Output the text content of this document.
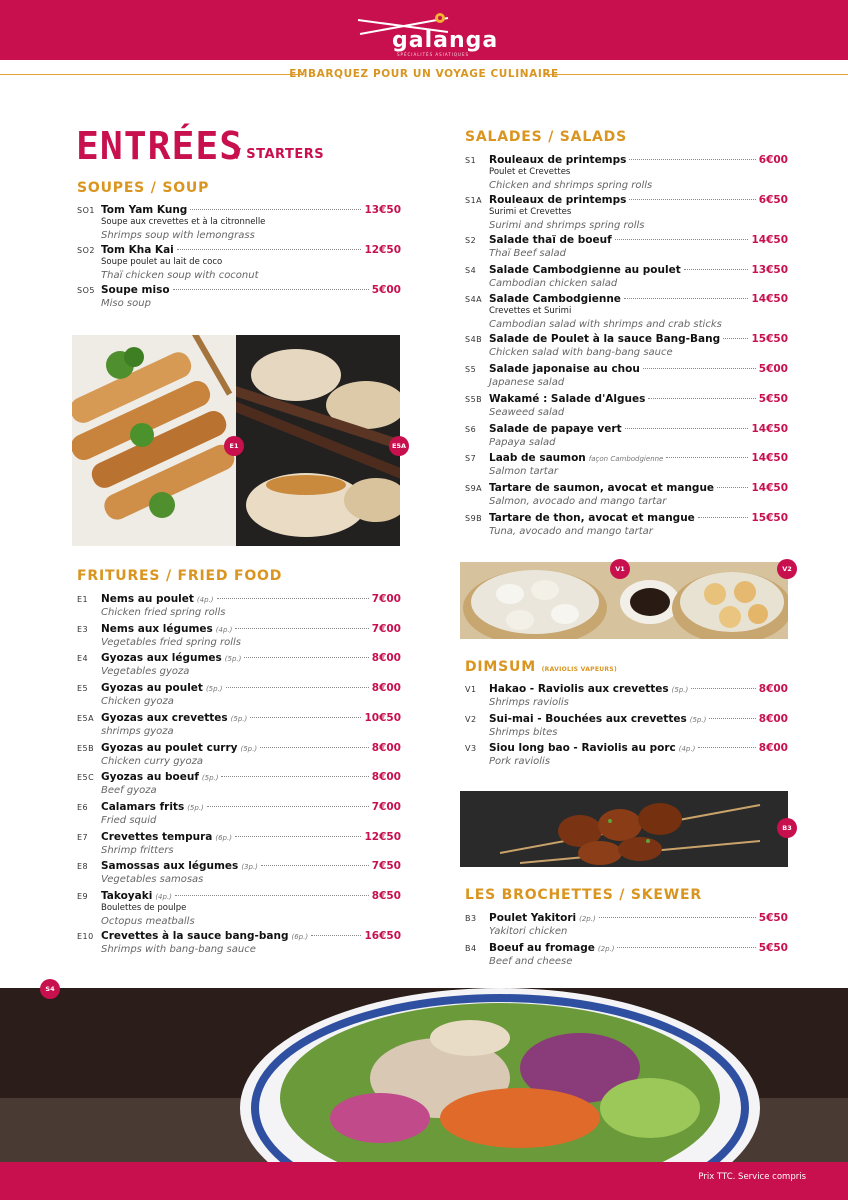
galanga
SPÉCIALITÉS ASIATIQUES
EMBARQUEZ POUR UN VOYAGE CULINAIRE
ENTRÉES
/ STARTERS
SOUPES / SOUP
FRITURES / FRIED FOOD
SALADES / SALADS
DIMSUM (RAVIOLIS VAPEURS)
LES BROCHETTES / SKEWER
SO1 Tom Yam Kung	13€50
Soupe aux crevettes et à la citronnelle
Shrimps soup with lemongrass
SO2 Tom Kha Kai	12€50
Soupe poulet au lait de coco
Thaï chicken soup with coconut
SO5 Soupe miso	5€00
Miso soup
E1 Nems au poulet (4p.)	7€00
Chicken fried spring rolls
E3 Nems aux légumes (4p.)	7€00
Vegetables fried spring rolls
E4 Gyozas aux légumes (5p.)	8€00
Vegetables gyoza
E5 Gyozas au poulet (5p.)	8€00
Chicken gyoza
E5A Gyozas aux crevettes (5p.)	10€50
shrimps gyoza
E5B Gyozas au poulet curry (5p.)	8€00
Chicken curry gyoza
E5C Gyozas au boeuf (5p.)	8€00
Beef gyoza
E6 Calamars frits (5p.)	7€00
Fried squid
E7 Crevettes tempura (6p.)	12€50
Shrimp fritters
E8 Samossas aux légumes (3p.)	7€50
Vegetables samosas
E9 Takoyaki (4p.)	8€50
Boulettes de poulpe
Octopus meatballs
E10 Crevettes à la sauce bang-bang (6p.)	16€50
Shrimps with bang-bang sauce
S1 Rouleaux de printemps	6€00
Poulet et Crevettes
Chicken and shrimps spring rolls
S1A Rouleaux de printemps	6€50
Surimi et Crevettes
Surimi and shrimps spring rolls
S2 Salade thaï de boeuf	14€50
Thaï Beef salad
S4 Salade Cambodgienne au poulet	13€50
Cambodian chicken salad
S4A Salade Cambodgienne	14€50
Crevettes et Surimi
Cambodian salad with shrimps and crab sticks
S4B Salade de Poulet à la sauce Bang-Bang	15€50
Chicken salad with bang-bang sauce
S5 Salade japonaise au chou	5€00
Japanese salad
S5B Wakamé : Salade d'Algues	5€50
Seaweed salad
S6 Salade de papaye vert	14€50
Papaya salad
S7 Laab de saumon façon Cambodgienne	14€50
Salmon tartar
S9A Tartare de saumon, avocat et mangue	14€50
Salmon, avocado and mango tartar
S9B Tartare de thon, avocat et mangue	15€50
Tuna, avocado and mango tartar
V1 Hakao - Raviolis aux crevettes (5p.)	8€00
Shrimps raviolis
V2 Sui-mai - Bouchées aux crevettes (5p.)	8€00
Shrimps bites
V3 Siou long bao - Raviolis au porc (4p.)	8€00
Pork raviolis
B3 Poulet Yakitori (2p.)	5€50
Yakitori chicken
B4 Boeuf au fromage (2p.)	5€50
Beef and cheese
E1	E5A
V1	V2
B3
S4
Prix TTC. Service compris
